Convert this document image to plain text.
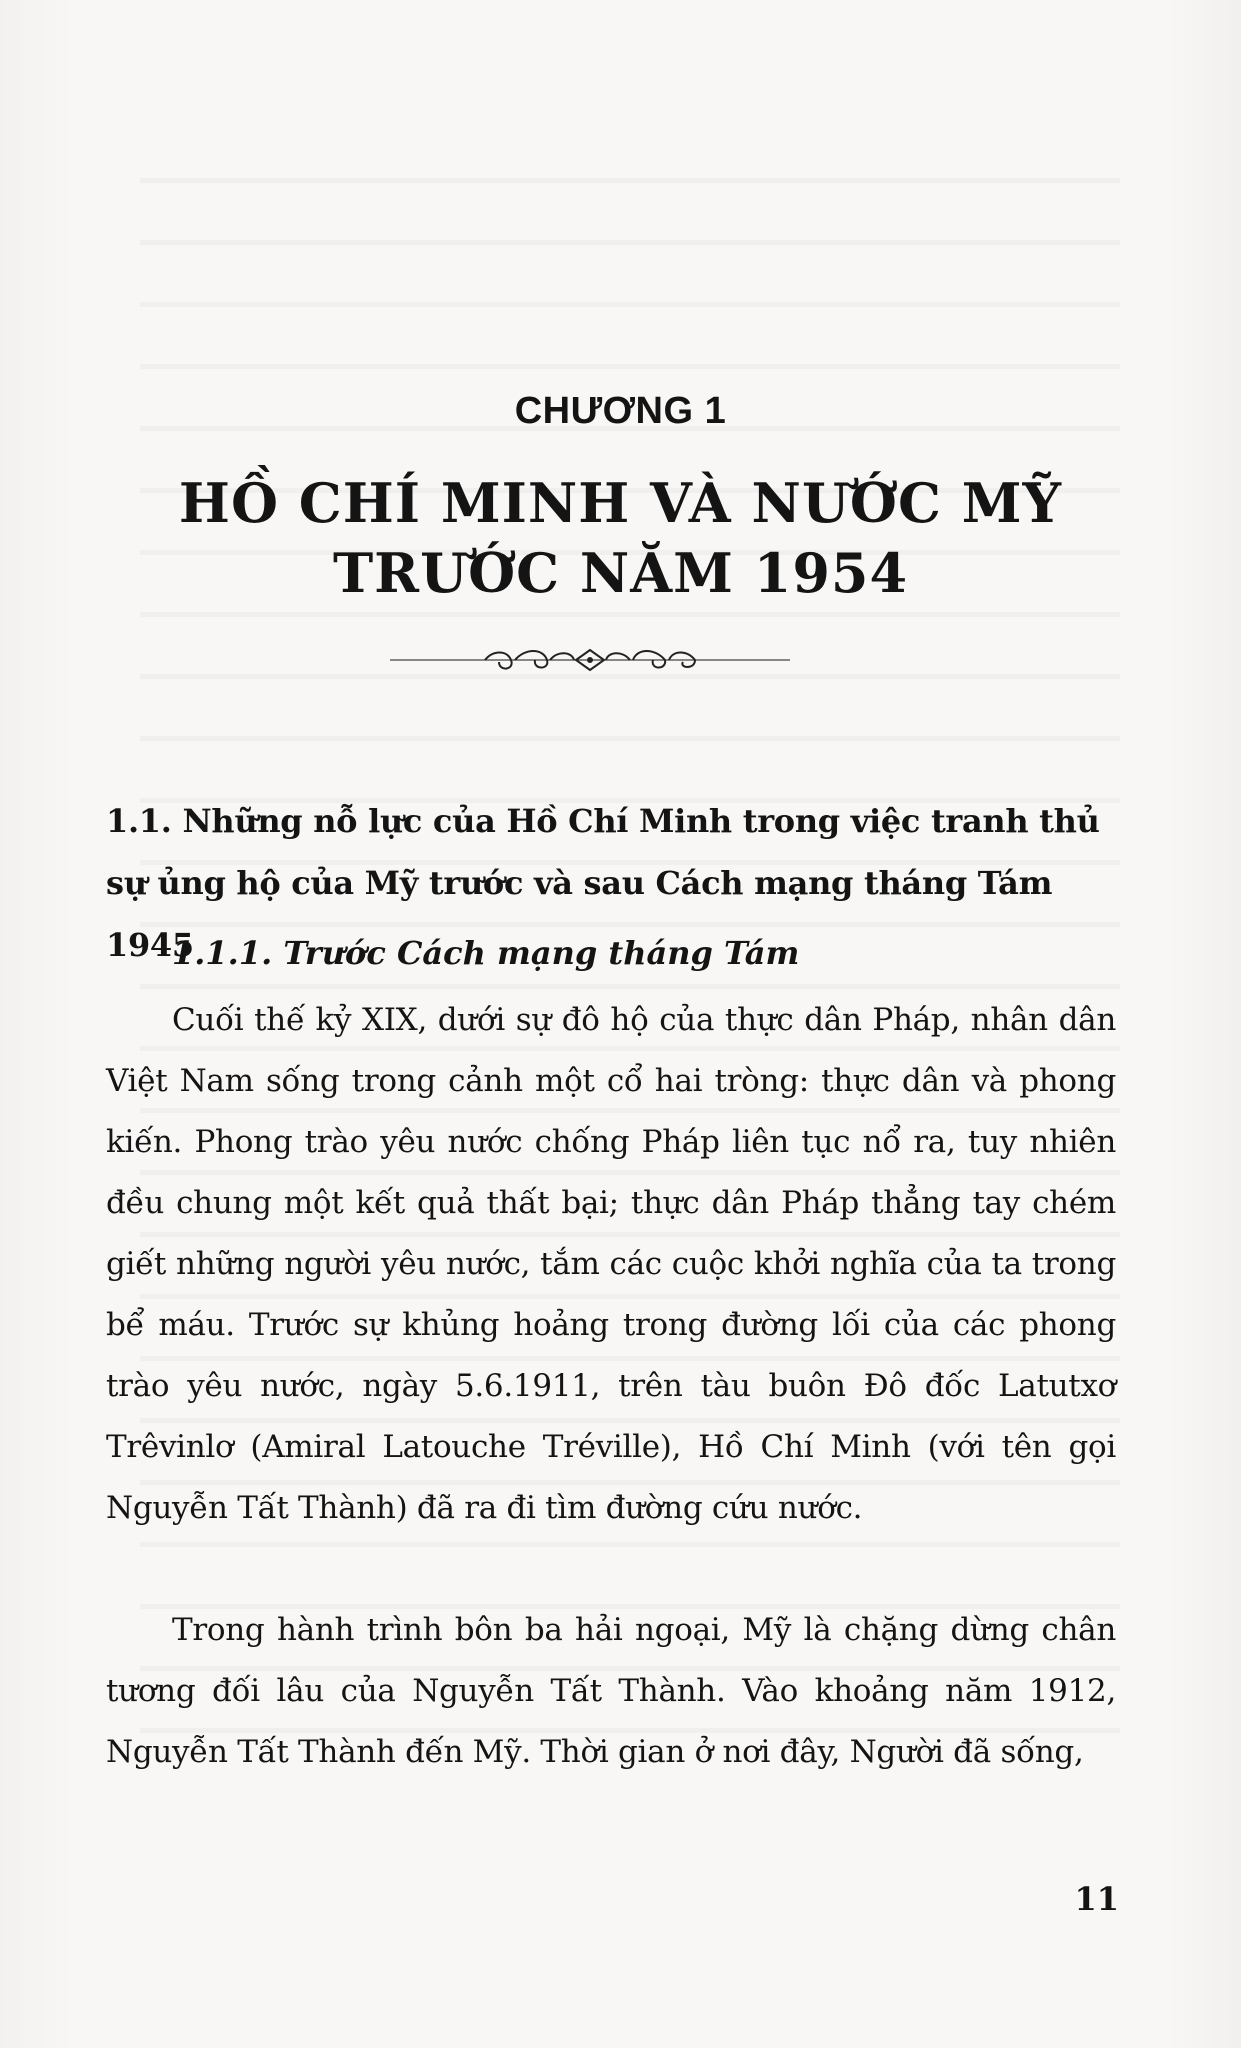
CHƯƠNG 1
HỒ CHÍ MINH VÀ NƯỚC MỸ
TRƯỚC NĂM 1954
1.1. Những nỗ lực của Hồ Chí Minh trong việc tranh thủ sự ủng hộ của Mỹ trước và sau Cách mạng tháng Tám 1945
1.1.1. Trước Cách mạng tháng Tám

Cuối thế kỷ XIX, dưới sự đô hộ của thực dân Pháp, nhân dân Việt Nam sống trong cảnh một cổ hai tròng: thực dân và phong kiến. Phong trào yêu nước chống Pháp liên tục nổ ra, tuy nhiên đều chung một kết quả thất bại; thực dân Pháp thẳng tay chém giết những người yêu nước, tắm các cuộc khởi nghĩa của ta trong bể máu. Trước sự khủng hoảng trong đường lối của các phong trào yêu nước, ngày 5.6.1911, trên tàu buôn Đô đốc Latutxơ Trêvinlơ (Amiral Latouche Tréville), Hồ Chí Minh (với tên gọi Nguyễn Tất Thành) đã ra đi tìm đường cứu nước.

Trong hành trình bôn ba hải ngoại, Mỹ là chặng dừng chân tương đối lâu của Nguyễn Tất Thành. Vào khoảng năm 1912, Nguyễn Tất Thành đến Mỹ. Thời gian ở nơi đây, Người đã sống,

11
